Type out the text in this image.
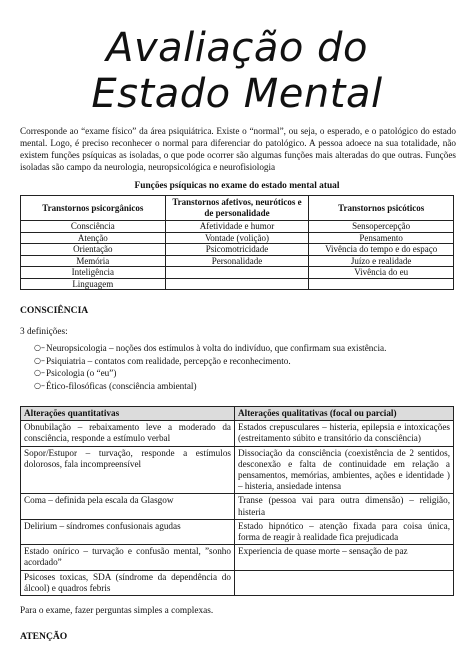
Avaliação do
Estado Mental

Corresponde ao “exame físico” da área psiquiátrica. Existe o “normal”, ou seja, o esperado, e o patológico do estado mental. Logo, é preciso reconhecer o normal para diferenciar do patológico. A pessoa adoece na sua totalidade, não existem funções psíquicas as isoladas, o que pode ocorrer são algumas funções mais alteradas do que outras. Funções isoladas são campo da neurologia, neuropsicológica e neurofisiologia

Funções psíquicas no exame do estado mental atual

Transtornos psicorgânicos	Transtornos afetivos, neuróticos e de personalidade	Transtornos psicóticos
Consciência	Afetividade e humor	Sensopercepção
Atenção	Vontade (volição)	Pensamento
Orientação	Psicomotricidade	Vivência do tempo e do espaço
Memória	Personalidade	Juízo e realidade
Inteligência		Vivência do eu
Linguagem		

CONSCIÊNCIA

3 definições:

○– Neuropsicologia – noções dos estímulos à volta do indivíduo, que confirmam sua existência.
○– Psiquiatria – contatos com realidade, percepção e reconhecimento.
○– Psicologia (o “eu”)
○– Ético-filosóficas (consciência ambiental)
Alterações quantitativas	Alterações qualitativas (focal ou parcial)
Obnubilação – rebaixamento leve a moderado da consciência, responde a estímulo verbal	Estados crepusculares – histeria, epilepsia e intoxicações (estreitamento súbito e transitório da consciência)
Sopor/Estupor – turvação, responde a estímulos dolorosos, fala incompreensível	Dissociação da consciência (coexistência de 2 sentidos, desconexão e falta de continuidade em relação a pensamentos, memórias, ambientes, ações e identidade ) – histeria, ansiedade intensa
Coma – definida pela escala da Glasgow	Transe (pessoa vai para outra dimensão) – religião, histeria
Delirium – síndromes confusionais agudas	Estado hipnótico – atenção fixada para coisa única, forma de reagir à realidade fica prejudicada
Estado onírico – turvação e confusão mental, ”sonho acordado”	Experiencia de quase morte – sensação de paz
Psicoses toxicas, SDA (síndrome da dependência do álcool) e quadros febris	

Para o exame, fazer perguntas simples a complexas.

ATENÇÃO
